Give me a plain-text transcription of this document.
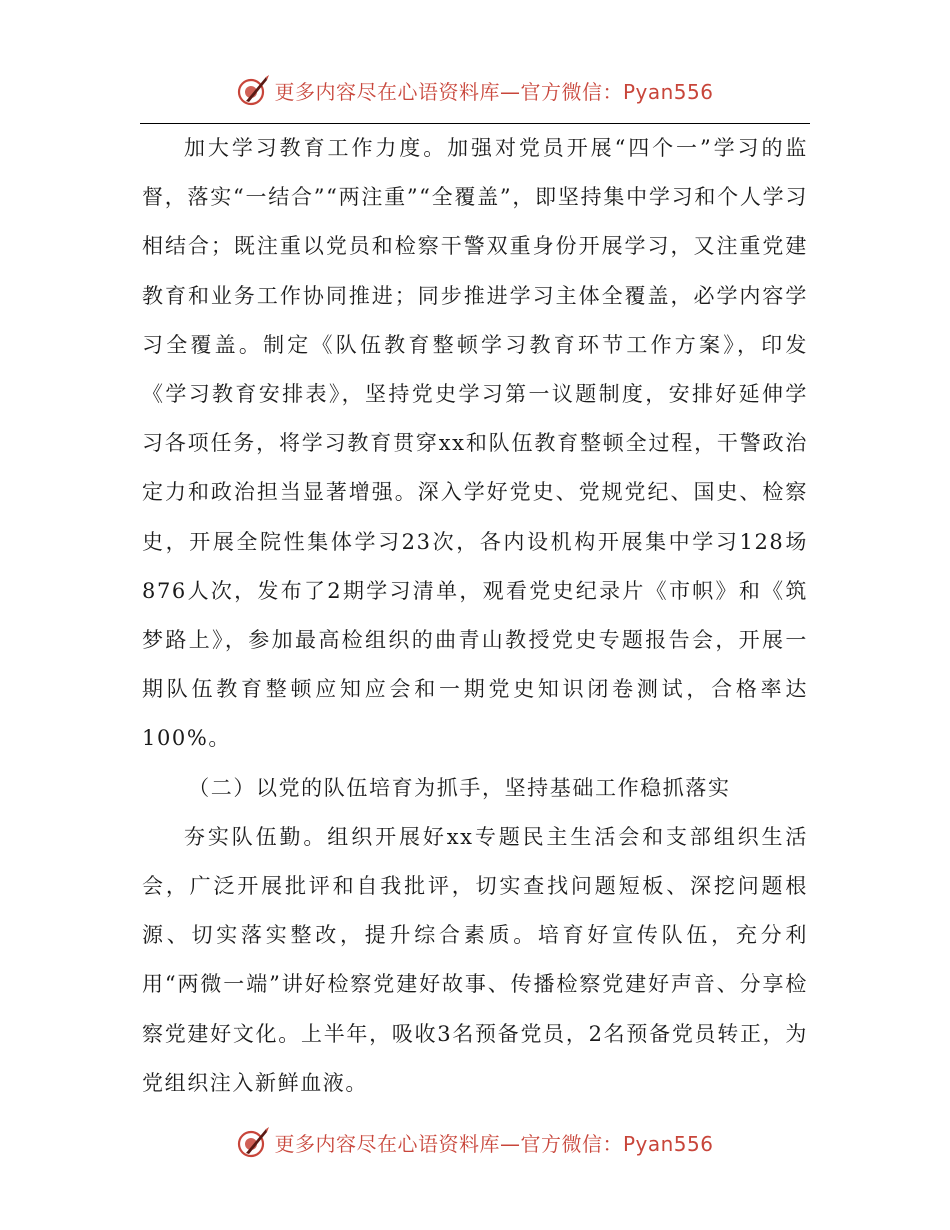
更多内容尽在心语资料库—官方微信：Pyan556

加大学习教育工作力度。加强对党员开展“四个一”学习的监督，落实“一结合”“两注重”“全覆盖”，即坚持集中学习和个人学习相结合；既注重以党员和检察干警双重身份开展学习，又注重党建教育和业务工作协同推进；同步推进学习主体全覆盖，必学内容学习全覆盖。制定《队伍教育整顿学习教育环节工作方案》，印发《学习教育安排表》，坚持党史学习第一议题制度，安排好延伸学习各项任务，将学习教育贯穿xx和队伍教育整顿全过程，干警政治定力和政治担当显著增强。深入学好党史、党规党纪、国史、检察史，开展全院性集体学习23次，各内设机构开展集中学习128场876人次，发布了2期学习清单，观看党史纪录片《市帜》和《筑梦路上》，参加最高检组织的曲青山教授党史专题报告会，开展一期队伍教育整顿应知应会和一期党史知识闭卷测试，合格率达100%。

（二）以党的队伍培育为抓手，坚持基础工作稳抓落实

夯实队伍勤。组织开展好xx专题民主生活会和支部组织生活会，广泛开展批评和自我批评，切实查找问题短板、深挖问题根源、切实落实整改，提升综合素质。培育好宣传队伍，充分利用“两微一端”讲好检察党建好故事、传播检察党建好声音、分享检察党建好文化。上半年，吸收3名预备党员，2名预备党员转正，为党组织注入新鲜血液。

更多内容尽在心语资料库—官方微信：Pyan556
